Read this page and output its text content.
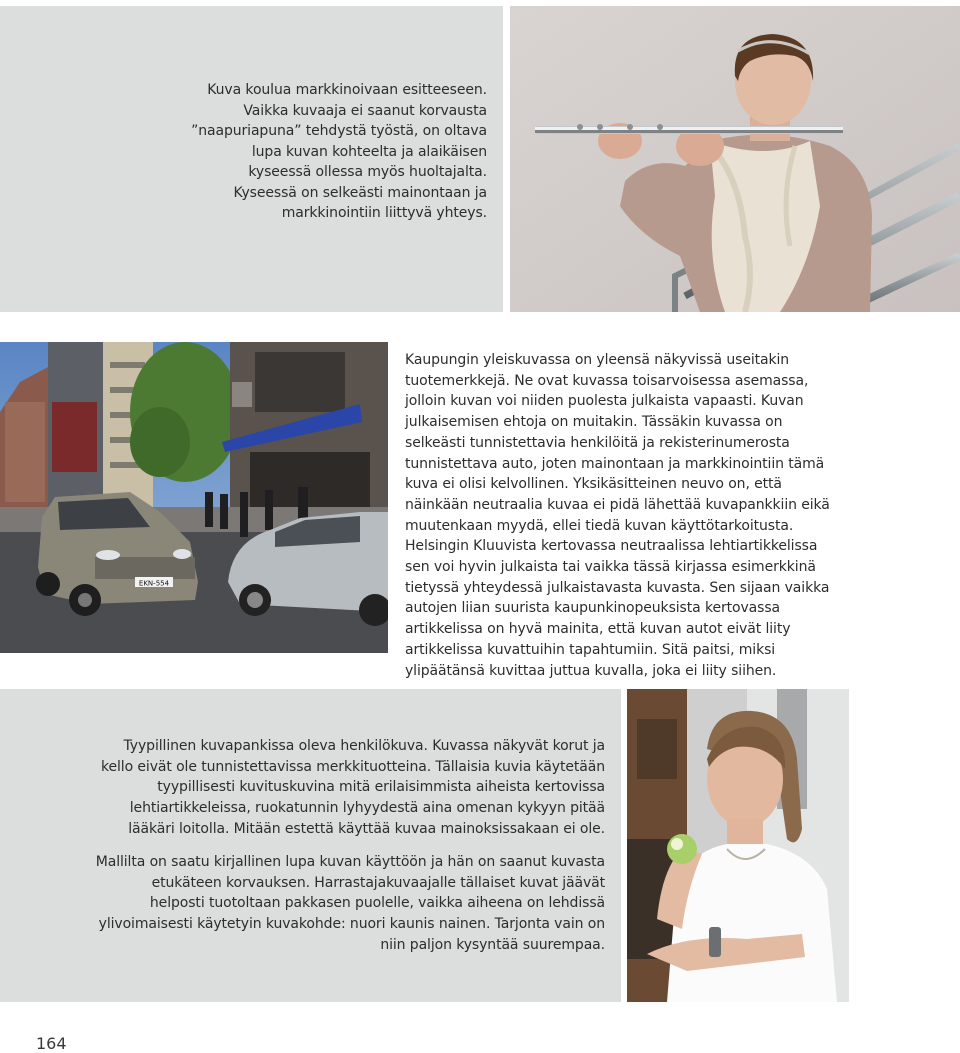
Kuva koulua markkinoivaan esitteeseen. Vaikka kuvaaja ei saanut korvausta ”naapuriapuna” tehdystä työstä, on oltava lupa kuvan kohteelta ja alaikäisen kyseessä ollessa myös huoltajalta. Kyseessä on selkeästi mainontaan ja markkinointiin liittyvä yhteys.

EKN-554

Kaupungin yleiskuvassa on yleensä näkyvissä useitakin tuotemerkkejä. Ne ovat kuvassa toisarvoisessa asemassa, jolloin kuvan voi niiden puolesta julkaista vapaasti. Kuvan julkaisemisen ehtoja on muitakin. Tässäkin kuvassa on selkeästi tunnistettavia henkilöitä ja rekisterinumerosta tunnistettava auto, joten mainontaan ja markkinointiin tämä kuva ei olisi kelvollinen. Yksikäsitteinen neuvo on, että näinkään neutraalia kuvaa ei pidä lähettää kuvapankkiin eikä muutenkaan myydä, ellei tiedä kuvan käyttötarkoitusta. Helsingin Kluuvista kertovassa neutraalissa lehtiartikkelissa sen voi hyvin julkaista tai vaikka tässä kirjassa esimerkkinä tietyssä yhteydessä julkaistavasta kuvasta. Sen sijaan vaikka autojen liian suurista kaupunkinopeuksista kertovassa artikkelissa on hyvä mainita, että kuvan autot eivät liity artikkelissa kuvattuihin tapahtumiin. Sitä paitsi, miksi ylipäätänsä kuvittaa juttua kuvalla, joka ei liity siihen.

Tyypillinen kuvapankissa oleva henkilökuva. Kuvassa näkyvät korut ja kello eivät ole tunnistettavissa merkkituotteina. Tällaisia kuvia käytetään tyypillisesti kuvituskuvina mitä erilaisimmista aiheista kertovissa lehtiartikkeleissa, ruokatunnin lyhyydestä aina omenan kykyyn pitää lääkäri loitolla. Mitään estettä käyttää kuvaa mainoksissakaan ei ole.

Mallilta on saatu kirjallinen lupa kuvan käyttöön ja hän on saanut kuvasta etukäteen korvauksen. Harrastajakuvaajalle tällaiset kuvat jäävät helposti tuotoltaan pakkasen puolelle, vaikka aiheena on lehdissä ylivoimaisesti käytetyin kuvakohde: nuori kaunis nainen. Tarjonta vain on niin paljon kysyntää suurempaa.

164
